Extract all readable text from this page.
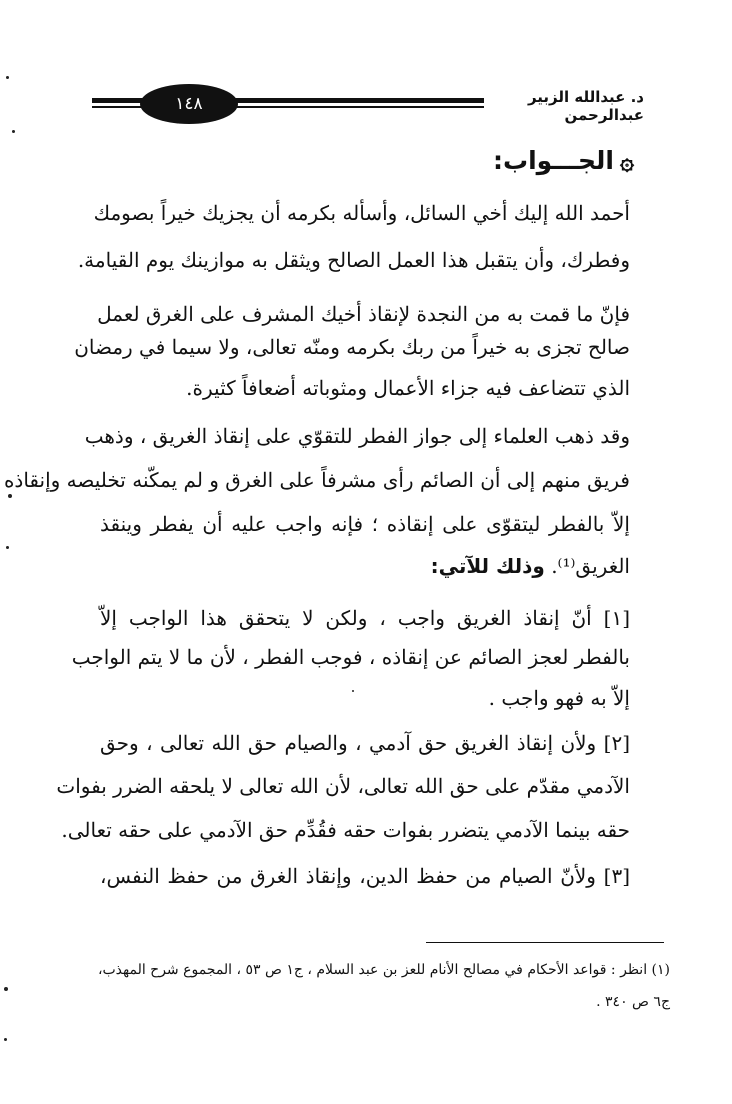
١٤٨	د. عبدالله الزبير عبدالرحمن
۞الجـــواب:
أحمد الله إليك أخي السائل، وأسأله بكرمه أن يجزيك خيراً بصومك
وفطرك، وأن يتقبل هذا العمل الصالح ويثقل به موازينك يوم القيامة.
فإنّ ما قمت به من النجدة لإنقاذ أخيك المشرف على الغرق لعمل
صالح تجزى به خيراً من ربك بكرمه ومنّه تعالى، ولا سيما في رمضان
الذي تتضاعف فيه جزاء الأعمال ومثوباته أضعافاً كثيرة.
وقد ذهب العلماء إلى جواز الفطر للتقوّي على إنقاذ الغريق ، وذهب
فريق منهم إلى أن الصائم رأى مشرفاً على الغرق و لم يمكّنه تخليصه وإنقاذه
إلاّ بالفطر ليتقوّى على إنقاذه ؛ فإنه واجب عليه أن يفطر وينقذ
الغريق⁽¹⁾. وذلك للآتي:
[١] أنّ إنقاذ الغريق واجب ، ولكن لا يتحقق هذا الواجب إلاّ
بالفطر لعجز الصائم عن إنقاذه ، فوجب الفطر ، لأن ما لا يتم الواجب
إلاّ به فهو واجب .
[٢] ولأن إنقاذ الغريق حق آدمي ، والصيام حق الله تعالى ، وحق
الآدمي مقدّم على حق الله تعالى، لأن الله تعالى لا يلحقه الضرر بفوات
حقه بينما الآدمي يتضرر بفوات حقه فقُدِّم حق الآدمي على حقه تعالى.
[٣] ولأنّ الصيام من حفظ الدين، وإنقاذ الغرق من حفظ النفس،
(١) انظر : قواعد الأحكام في مصالح الأنام للعز بن عبد السلام ، ج١ ص ٥٣ ، المجموع شرح المهذب،
ج٦ ص ٣٤٠ .
